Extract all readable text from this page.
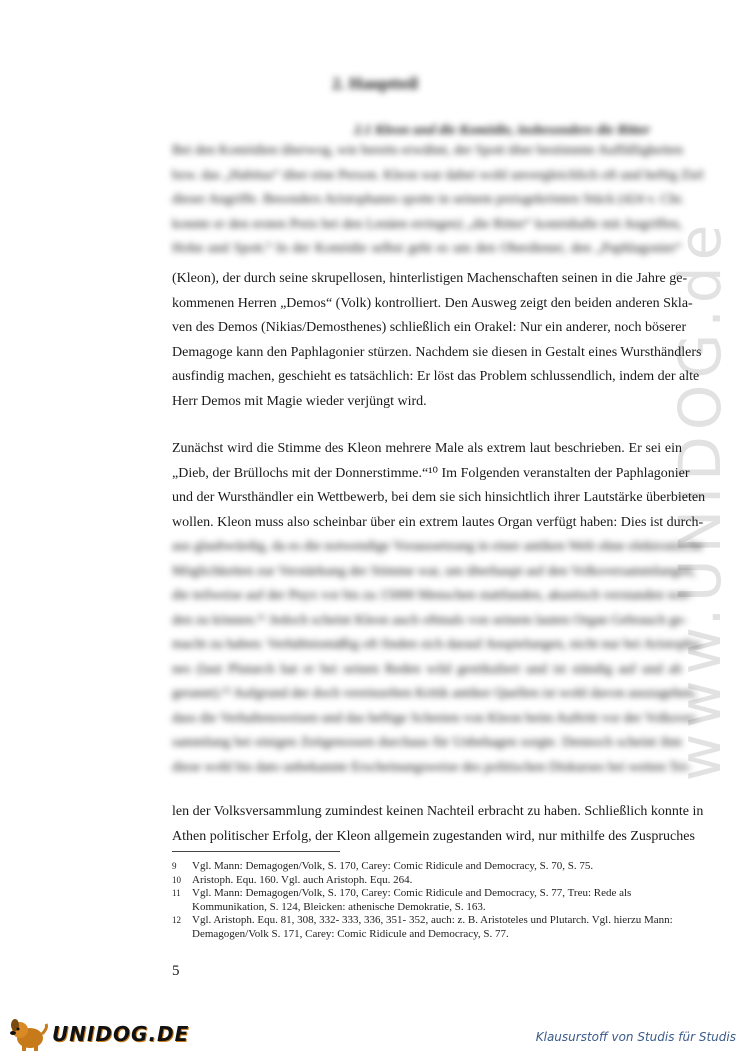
www.UNIDOG.de
2. Hauptteil
2.1 Kleon und die Komödie, insbesondere die Ritter
Bei den Komödien überwog, wie bereits erwähnt, der Spott über bestimmte Auffälligkeiten
bzw. das „Habitus“ über eine Person. Kleon war dabei wohl unvergleichlich oft und heftig Ziel
dieser Angriffe. Besonders Aristophanes spotte in seinem preisgekrönten Stück (424 v. Chr.
konnte er den ersten Preis bei den Lenäen erringen) „die Ritter“ komödialle mit Angriffen,
Hohn und Spott.⁹ In der Komödie selbst geht es um den Oberdiener, den „Paphlagonier“
(Kleon), der durch seine skrupellosen, hinterlistigen Machenschaften seinen in die Jahre ge-
kommenen Herren „Demos“ (Volk) kontrolliert. Den Ausweg zeigt den beiden anderen Skla-
ven des Demos (Nikias/Demosthenes) schließlich ein Orakel: Nur ein anderer, noch böserer
Demagoge kann den Paphlagonier stürzen. Nachdem sie diesen in Gestalt eines Wursthändlers
ausfindig machen, geschieht es tatsächlich: Er löst das Problem schlussendlich, indem der alte
Herr Demos mit Magie wieder verjüngt wird.
Zunächst wird die Stimme des Kleon mehrere Male als extrem laut beschrieben. Er sei ein
„Dieb, der Brüllochs mit der Donnerstimme.“¹⁰ Im Folgenden veranstalten der Paphlagonier
und der Wursthändler ein Wettbewerb, bei dem sie sich hinsichtlich ihrer Lautstärke überbieten
wollen. Kleon muss also scheinbar über ein extrem lautes Organ verfügt haben: Dies ist durch-
aus glaubwürdig, da es die notwendige Voraussetzung in einer antiken Welt ohne elektronische
Möglichkeiten zur Verstärkung der Stimme war, um überhaupt auf den Volksversammlungen,
die teilweise auf der Pnyx vor bis zu 15000 Menschen stattfanden, akustisch verstanden wer-
den zu können.¹¹ Jedoch scheint Kleon auch oftmals von seinem lauten Organ Gebrauch ge-
macht zu haben: Verhältnismäßig oft finden sich darauf Anspielungen, nicht nur bei Aristopha-
nes (laut Plutarch hat er bei seinen Reden wild gestikuliert und ist ständig auf und ab
gerannt).¹² Aufgrund der doch vereinzelten Kritik antiker Quellen ist wohl davon auszugehen,
dass die Verhaltensweisen und das heftige Schreien von Kleon beim Auftritt vor der Volksver-
sammlung bei einigen Zeitgenossen durchaus für Unbehagen sorgte. Dennoch scheint ihm
diese wohl bis dato unbekannte Erscheinungsweise des politischen Diskurses bei weiten Tei-
len der Volksversammlung zumindest keinen Nachteil erbracht zu haben. Schließlich konnte in
Athen politischer Erfolg, der Kleon allgemein zugestanden wird, nur mithilfe des Zuspruches
9	Vgl. Mann: Demagogen/Volk, S. 170, Carey: Comic Ridicule and Democracy, S. 70, S. 75.
10	Aristoph. Equ. 160. Vgl. auch Aristoph. Equ. 264.
11	Vgl. Mann: Demagogen/Volk, S. 170, Carey: Comic Ridicule and Democracy, S. 77, Treu: Rede als Kommunikation, S. 124, Bleicken: athenische Demokratie, S. 163.
12	Vgl. Aristoph. Equ. 81, 308, 332- 333, 336, 351- 352, auch: z. B. Aristoteles und Plutarch. Vgl. hierzu Mann: Demagogen/Volk S. 171, Carey: Comic Ridicule and Democracy, S. 77.
5
UNIDOG.DE	Klausurstoff von Studis für Studis
